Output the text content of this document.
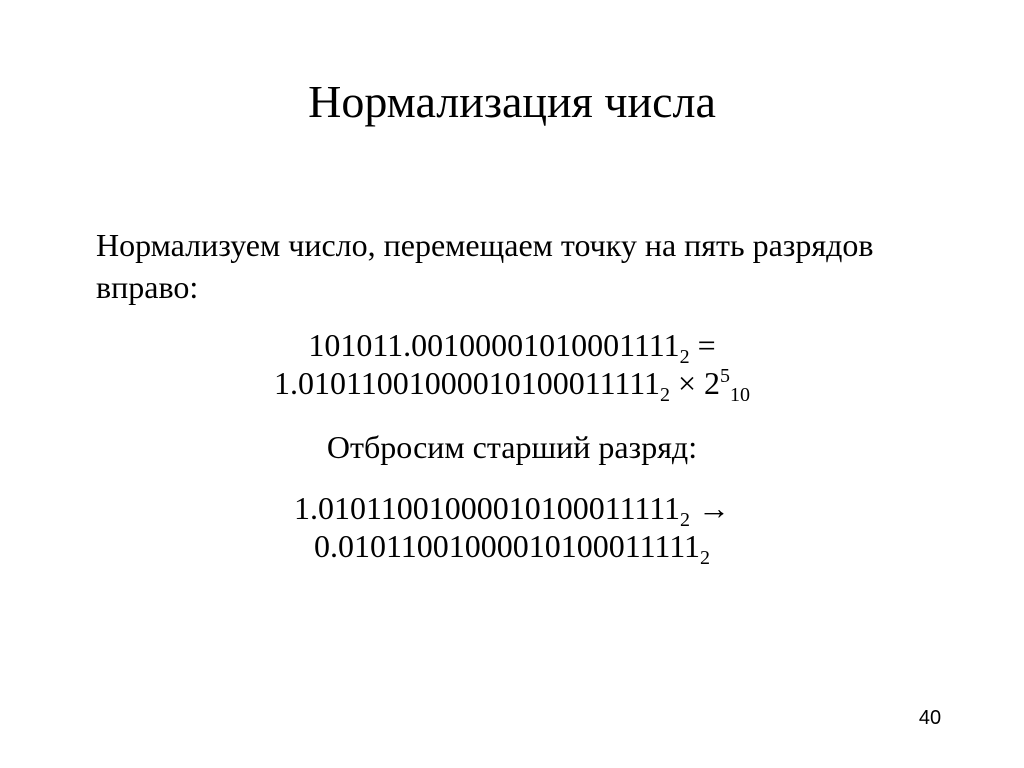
Нормализация числа
Нормализуем число, перемещаем точку на пять разрядов вправо:
$101011.00100001010001111_2$ =
$1.01011001000010100011111_2 \times 2^5_{10}$
Отбросим старший разряд:
$1.01011001000010100011111_2$ →
$0.01011001000010100011111_2$
40
